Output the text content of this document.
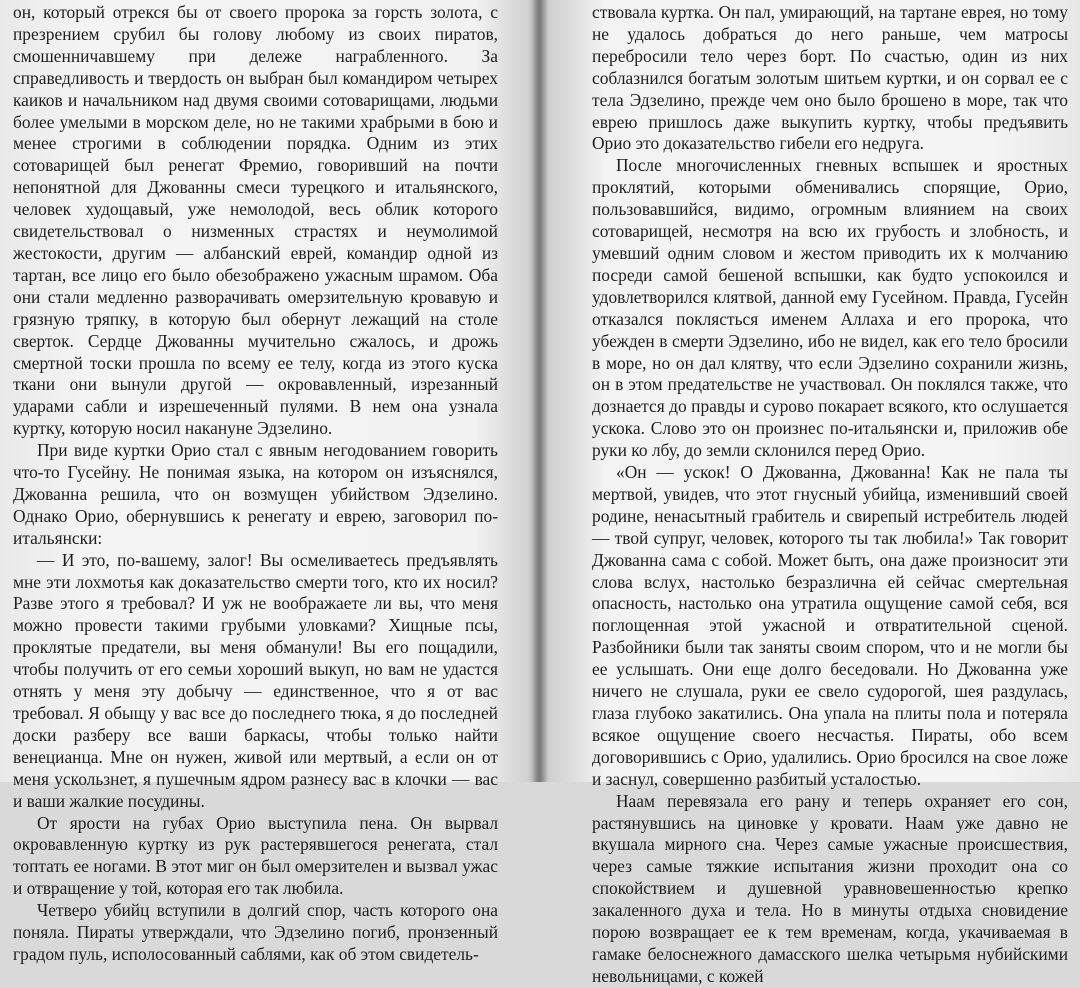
он, который отрекся бы от своего пророка за горсть золота, с презрением срубил бы голову любому из своих пиратов, смошенничавшему при дележе награбленного. За справедливость и твердость он выбран был командиром четырех каиков и начальником над двумя своими сотоварищами, людьми более умелыми в морском деле, но не такими храбрыми в бою и менее строгими в соблюдении порядка. Одним из этих сотоварищей был ренегат Фремио, говоривший на почти непонятной для Джованны смеси турецкого и итальянского, человек худощавый, уже немолодой, весь облик которого свидетельствовал о низменных страстях и неумолимой жестокости, другим — албанский еврей, командир одной из тартан, все лицо его было обезображено ужасным шрамом. Оба они стали медленно разворачивать омерзительную кровавую и грязную тряпку, в которую был обернут лежащий на столе сверток. Сердце Джованны мучительно сжалось, и дрожь смертной тоски прошла по всему ее телу, когда из этого куска ткани они вынули другой — окровавленный, изрезанный ударами сабли и изрешеченный пулями. В нем она узнала куртку, которую носил накануне Эдзелино.

При виде куртки Орио стал с явным негодованием говорить что-то Гусейну. Не понимая языка, на котором он изъяснялся, Джованна решила, что он возмущен убийством Эдзелино. Однако Орио, обернувшись к ренегату и еврею, заговорил по-итальянски:

— И это, по-вашему, залог! Вы осмеливаетесь предъявлять мне эти лохмотья как доказательство смерти того, кто их носил? Разве этого я требовал? И уж не воображаете ли вы, что меня можно провести такими грубыми уловками? Хищные псы, проклятые предатели, вы меня обманули! Вы его пощадили, чтобы получить от его семьи хороший выкуп, но вам не удастся отнять у меня эту добычу — единственное, что я от вас требовал. Я обыщу у вас все до последнего тюка, я до последней доски разберу все ваши баркасы, чтобы только найти венецианца. Мне он нужен, живой или мертвый, а если он от меня ускользнет, я пушечным ядром разнесу вас в клочки — вас и ваши жалкие посудины.

От ярости на губах Орио выступила пена. Он вырвал окровавленную куртку из рук растерявшегося ренегата, стал топтать ее ногами. В этот миг он был омерзителен и вызвал ужас и отвращение у той, которая его так любила.

Четверо убийц вступили в долгий спор, часть которого она поняла. Пираты утверждали, что Эдзелино погиб, пронзенный градом пуль, исполосованный саблями, как об этом свидетель-

ствовала куртка. Он пал, умирающий, на тартане еврея, но тому не удалось добраться до него раньше, чем матросы перебросили тело через борт. По счастью, один из них соблазнился богатым золотым шитьем куртки, и он сорвал ее с тела Эдзелино, прежде чем оно было брошено в море, так что еврею пришлось даже выкупить куртку, чтобы предъявить Орио это доказательство гибели его недруга.

После многочисленных гневных вспышек и яростных проклятий, которыми обменивались спорящие, Орио, пользовавшийся, видимо, огромным влиянием на своих сотоварищей, несмотря на всю их грубость и злобность, и умевший одним словом и жестом приводить их к молчанию посреди самой бешеной вспышки, как будто успокоился и удовлетворился клятвой, данной ему Гусейном. Правда, Гусейн отказался поклясться именем Аллаха и его пророка, что убежден в смерти Эдзелино, ибо не видел, как его тело бросили в море, но он дал клятву, что если Эдзелино сохранили жизнь, он в этом предательстве не участвовал. Он поклялся также, что дознается до правды и сурово покарает всякого, кто ослушается ускока. Слово это он произнес по-итальянски и, приложив обе руки ко лбу, до земли склонился перед Орио.

«Он — ускок! О Джованна, Джованна! Как не пала ты мертвой, увидев, что этот гнусный убийца, изменивший своей родине, ненасытный грабитель и свирепый истребитель людей — твой супруг, человек, которого ты так любила!» Так говорит Джованна сама с собой. Может быть, она даже произносит эти слова вслух, настолько безразлична ей сейчас смертельная опасность, настолько она утратила ощущение самой себя, вся поглощенная этой ужасной и отвратительной сценой. Разбойники были так заняты своим спором, что и не могли бы ее услышать. Они еще долго беседовали. Но Джованна уже ничего не слушала, руки ее свело судорогой, шея раздулась, глаза глубоко закатились. Она упала на плиты пола и потеряла всякое ощущение своего несчастья. Пираты, обо всем договорившись с Орио, удалились. Орио бросился на свое ложе и заснул, совершенно разбитый усталостью.

Наам перевязала его рану и теперь охраняет его сон, растянувшись на циновке у кровати. Наам уже давно не вкушала мирного сна. Через самые ужасные происшествия, через самые тяжкие испытания жизни проходит она со спокойствием и душевной уравновешенностью крепко закаленного духа и тела. Но в минуты отдыха сновидение порою возвращает ее к тем временам, когда, укачиваемая в гамаке белоснежного дамасского шелка четырьмя нубийскими невольницами, с кожей
